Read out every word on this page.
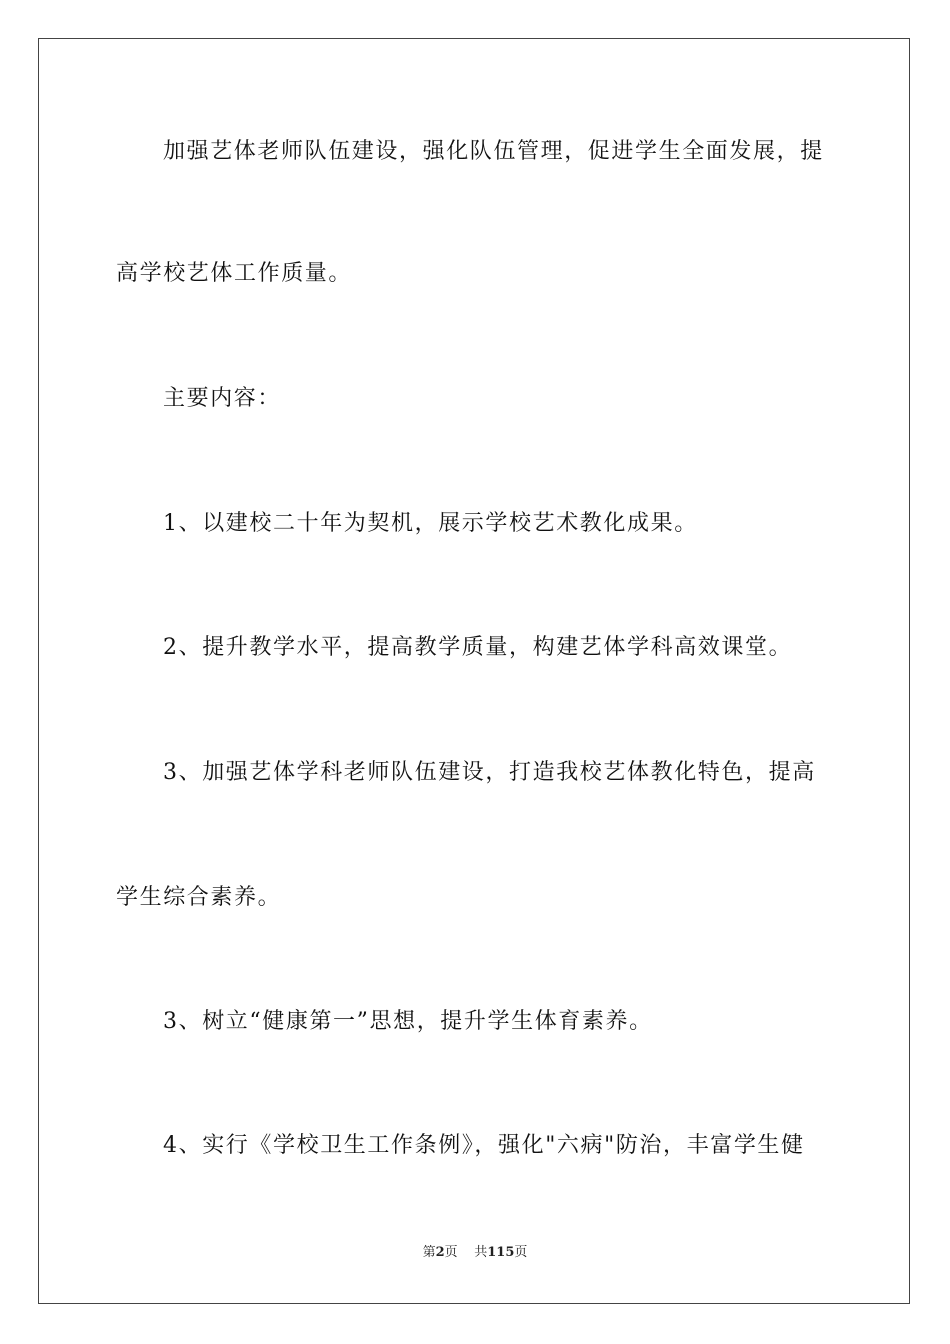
加强艺体老师队伍建设，强化队伍管理，促进学生全面发展，提
高学校艺体工作质量。
主要内容：
1、以建校二十年为契机，展示学校艺术教化成果。
2、提升教学水平，提高教学质量，构建艺体学科高效课堂。
3、加强艺体学科老师队伍建设，打造我校艺体教化特色，提高
学生综合素养。
3、树立“健康第一”思想，提升学生体育素养。
4、实行《学校卫生工作条例》，强化"六病"防治，丰富学生健
第2页 共115页
